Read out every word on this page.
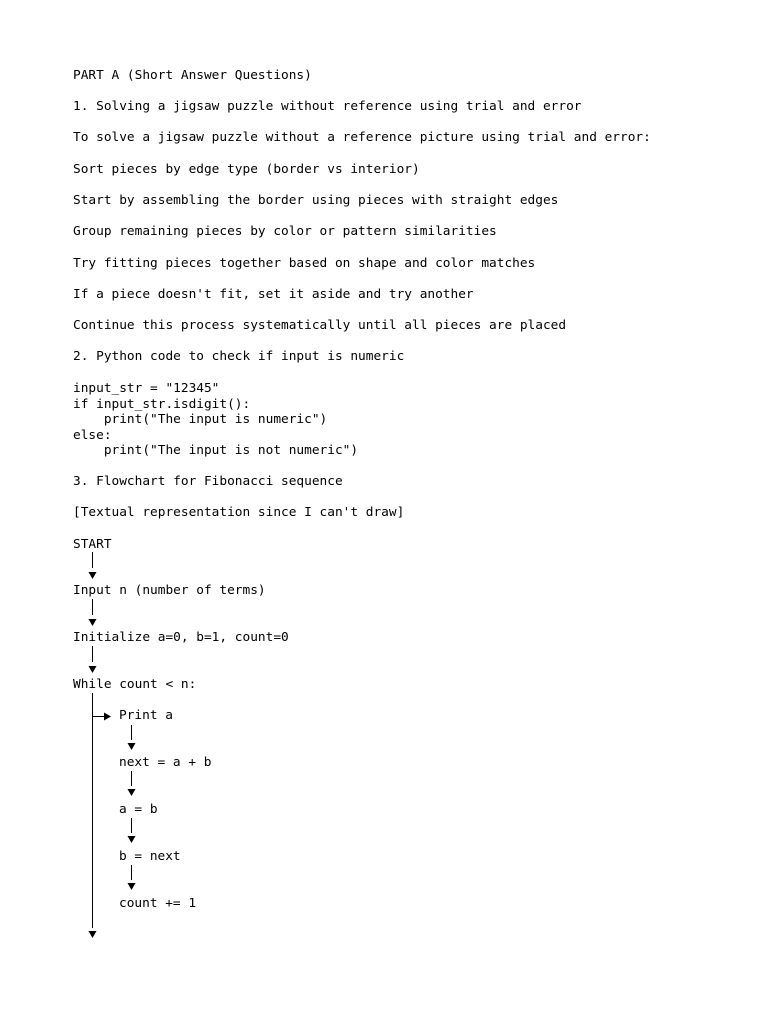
PART A (Short Answer Questions)
1. Solving a jigsaw puzzle without reference using trial and error
To solve a jigsaw puzzle without a reference picture using trial and error:
Sort pieces by edge type (border vs interior)
Start by assembling the border using pieces with straight edges
Group remaining pieces by color or pattern similarities
Try fitting pieces together based on shape and color matches
If a piece doesn't fit, set it aside and try another
Continue this process systematically until all pieces are placed
2. Python code to check if input is numeric
input_str = "12345"
if input_str.isdigit():
print("The input is numeric")
else:
print("The input is not numeric")
3. Flowchart for Fibonacci sequence
[Textual representation since I can't draw]
START
Input n (number of terms)
Initialize a=0, b=1, count=0
While count < n:
Print a
next = a + b
a = b
b = next
count += 1
